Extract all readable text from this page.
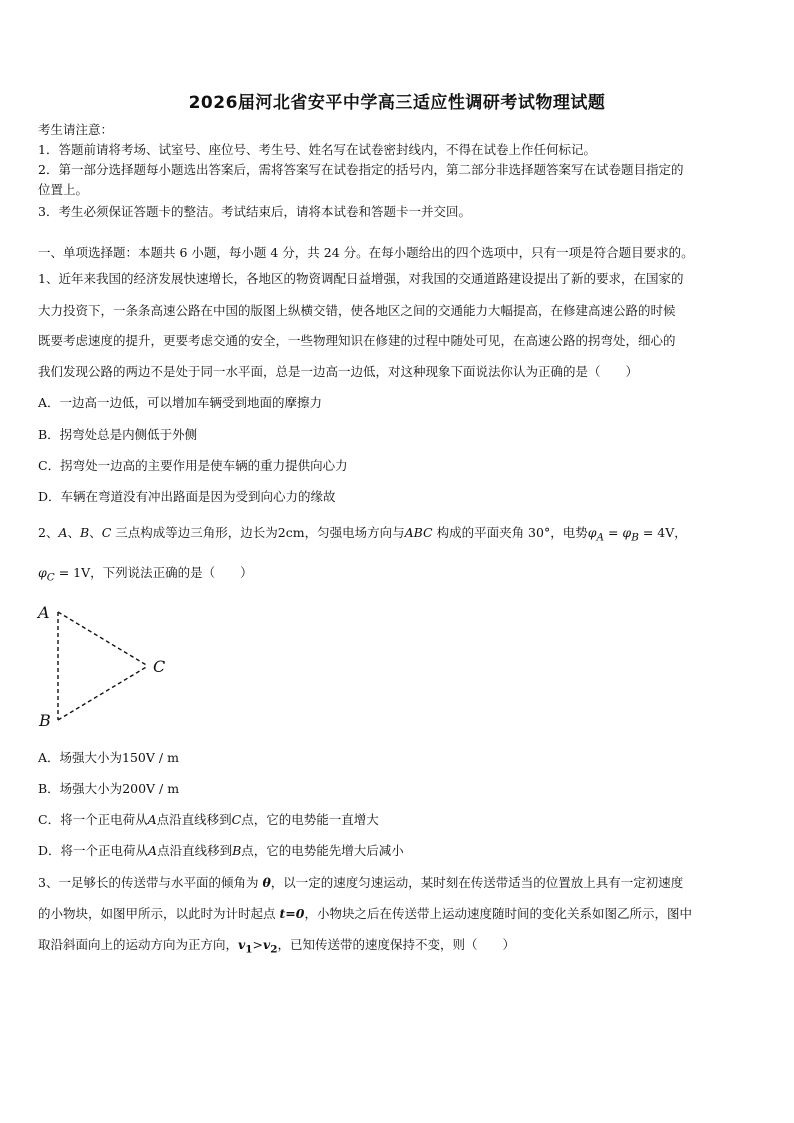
2026届河北省安平中学高三适应性调研考试物理试题
考生请注意：
1．答题前请将考场、试室号、座位号、考生号、姓名写在试卷密封线内，不得在试卷上作任何标记。
2．第一部分选择题每小题选出答案后，需将答案写在试卷指定的括号内，第二部分非选择题答案写在试卷题目指定的
位置上。
3．考生必须保证答题卡的整洁。考试结束后，请将本试卷和答题卡一并交回。
一、单项选择题：本题共 6 小题，每小题 4 分，共 24 分。在每小题给出的四个选项中，只有一项是符合题目要求的。
1、近年来我国的经济发展快速增长，各地区的物资调配日益增强，对我国的交通道路建设提出了新的要求，在国家的
大力投资下，一条条高速公路在中国的版图上纵横交错，使各地区之间的交通能力大幅提高，在修建高速公路的时候
既要考虑速度的提升，更要考虑交通的安全，一些物理知识在修建的过程中随处可见，在高速公路的拐弯处，细心的
我们发现公路的两边不是处于同一水平面，总是一边高一边低，对这种现象下面说法你认为正确的是（　　）
A．一边高一边低，可以增加车辆受到地面的摩擦力
B．拐弯处总是内侧低于外侧
C．拐弯处一边高的主要作用是使车辆的重力提供向心力
D．车辆在弯道没有冲出路面是因为受到向心力的缘故
2、A、B、C 三点构成等边三角形，边长为2cm，匀强电场方向与ABC 构成的平面夹角 30°，电势$\varphi_A = \varphi_B = 4V$，
$\varphi_C = 1V$，下列说法正确的是（　　）
A
B
C
A．场强大小为150V / m
B．场强大小为200V / m
C．将一个正电荷从A点沿直线移到C点，它的电势能一直增大
D．将一个正电荷从A点沿直线移到B点，它的电势能先增大后减小
3、一足够长的传送带与水平面的倾角为 θ，以一定的速度匀速运动，某时刻在传送带适当的位置放上具有一定初速度
的小物块，如图甲所示，以此时为计时起点 t=0，小物块之后在传送带上运动速度随时间的变化关系如图乙所示，图中
取沿斜面向上的运动方向为正方向，$v_1>v_2$，已知传送带的速度保持不变，则（　　）
